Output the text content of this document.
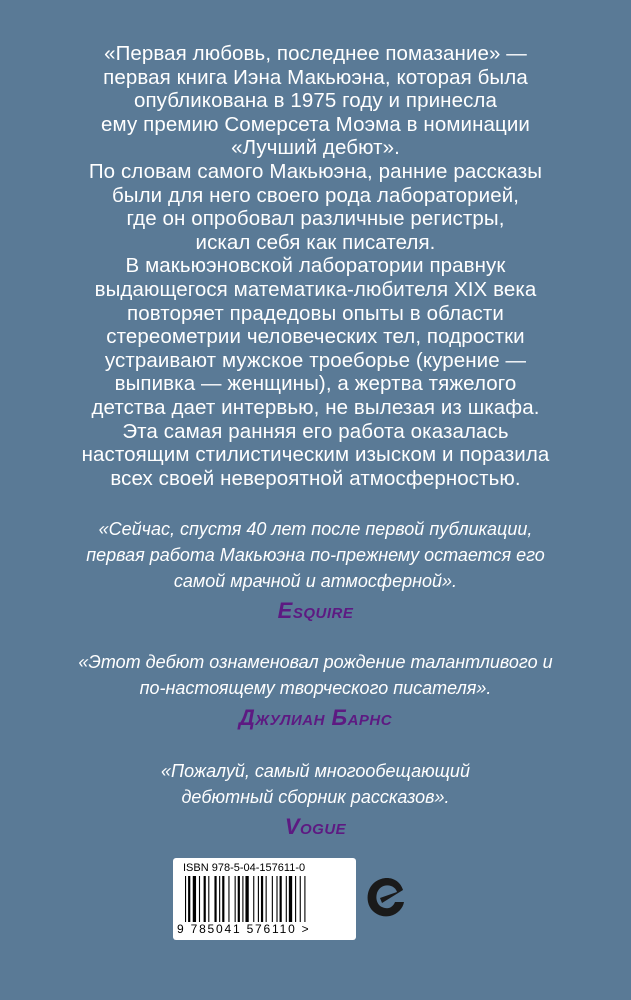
«Первая любовь, последнее помазание» —

первая книга Иэна Макьюэна, которая была

опубликована в 1975 году и принесла

ему премию Сомерсета Моэма в номинации

«Лучший дебют».

По словам самого Макьюэна, ранние рассказы

были для него своего рода лабораторией,

где он опробовал различные регистры,

искал себя как писателя.

В макьюэновской лаборатории правнук

выдающегося математика-любителя XIX века

повторяет прадедовы опыты в области

стереометрии человеческих тел, подростки

устраивают мужское троеборье (курение —

выпивка — женщины), а жертва тяжелого

детства дает интервью, не вылезая из шкафа.

Эта самая ранняя его работа оказалась

настоящим стилистическим изыском и поразила

всех своей невероятной атмосферностью.

«Сейчас, спустя 40 лет после первой публикации,

первая работа Макьюэна по-прежнему остается его

самой мрачной и атмосферной».

Esquire

«Этот дебют ознаменовал рождение талантливого и

по-настоящему творческого писателя».

Джулиан Барнс

«Пожалуй, самый многообещающий

дебютный сборник рассказов».

Vogue

ISBN 978-5-04-157611-0
9 785041 576110 >
